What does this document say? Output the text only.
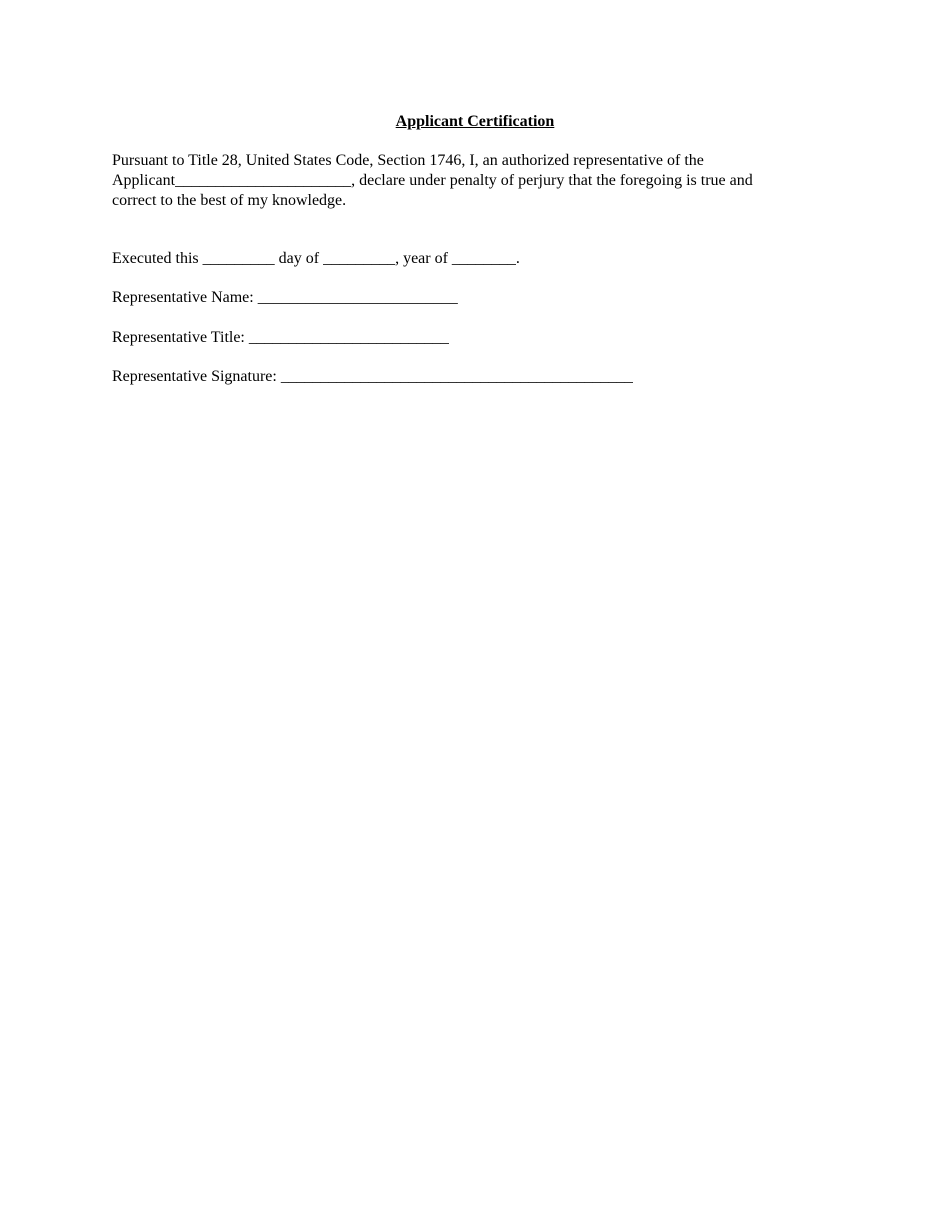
Applicant Certification

Pursuant to Title 28, United States Code, Section 1746, I, an authorized representative of the

Applicant______________________, declare under penalty of perjury that the foregoing is true and

correct to the best of my knowledge.

Executed this _________ day of _________, year of ________.

Representative Name: _________________________

Representative Title: _________________________

Representative Signature: ____________________________________________
